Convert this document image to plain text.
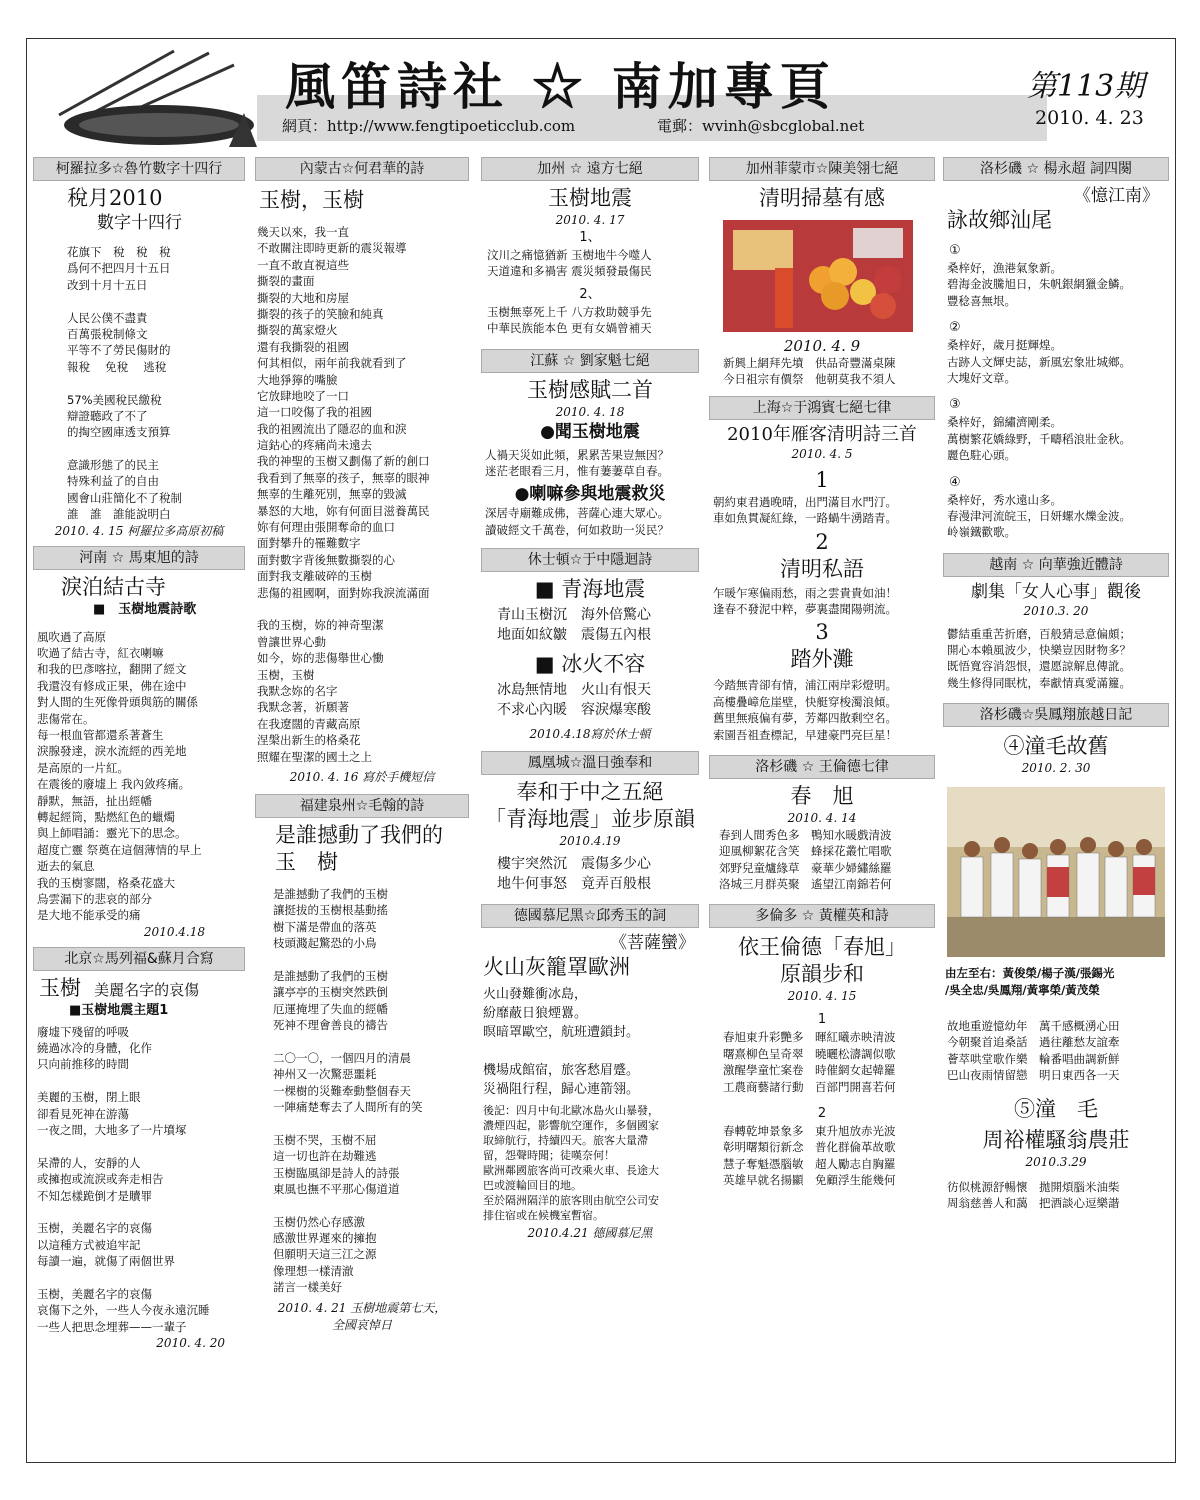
風笛詩社 ☆ 南加專頁
網頁：http://www.fengtipoeticclub.com	電郵：wvinh@sbcglobal.net
第113期
2010. 4. 23
柯羅拉多☆魯竹數字十四行
稅月2010
數字十四行
花旗下　稅　稅　稅
爲何不把四月十五日
改到十月十五日

人民公僕不盡責
百萬張稅制條文
平等不了勞民傷財的
報稅　 免稅　 逃稅

57%美國稅民繳稅
辯證聽政了不了
的掏空國庫透支預算

意識形態了的民主
特殊利益了的自由
國會山莊簡化不了稅制
誰　誰　誰能說明白
2010. 4. 15 柯羅拉多高原初稿
河南 ☆ 馬東旭的詩
淚泊結古寺
■　玉樹地震詩歌
風吹過了高原
吹過了結古寺，紅衣喇嘛
和我的巴彥喀拉，翻開了經文
我還沒有修成正果，佛在途中
對人間的生死像骨頭與筋的關係
悲傷常在。
每一根血管都還系著蒼生
淚腺發達，淚水流經的西羌地
是高原的一片紅。
在震後的廢墟上 我內敛疼痛。
靜默，無語，扯出經幡
轉起經筒，點燃紅色的蠟燭
與上師唱誦：靈光下的思念。
超度亡靈 祭奠在這個薄情的早上
逝去的氣息
我的玉樹寥闊，格桑花盛大
烏雲漏下的悲哀的部分
是大地不能承受的痛
2010.4.18
北京☆馬列福&蘇月合寫
玉樹 美麗名字的哀傷
■玉樹地震主題1
廢墟下殘留的呼吸
繞過冰冷的身體，化作
只向前推移的時間

美麗的玉樹，閉上眼
卻看見死神在游蕩
一夜之間，大地多了一片墳塚

呆滯的人，安靜的人
或擁抱或流淚或奔走相告
不知怎樣跪倒才是贖罪

玉樹，美麗名字的哀傷
以這種方式被追牢記
每讀一遍，就傷了兩個世界

玉樹，美麗名字的哀傷
哀傷下之外，一些人今夜永遠沉睡
一些人把思念埋葬——一輩子
2010. 4. 20
內蒙古☆何君華的詩
玉樹，玉樹
幾天以來，我一直
不敢關注即時更新的震災報導
一直不敢直視這些
撕裂的畫面
撕裂的大地和房屋
撕裂的孩子的笑臉和純真
撕裂的萬家燈火
還有我撕裂的祖國
何其相似，兩年前我就看到了
大地猙獰的嘴臉
它放肆地咬了一口
這一口咬傷了我的祖國
我的祖國流出了隱忍的血和淚
這鈷心的疼痛尚未遠去
我的神聖的玉樹又劃傷了新的創口
我看到了無辜的孩子，無辜的眼神
無辜的生離死別，無辜的毀滅
暴怒的大地，妳有何面目滋養萬民
妳有何理由張開奪命的血口
面對攀升的罹難數字
面對數字背後無數撕裂的心
面對我支離破碎的玉樹
悲傷的祖國啊，面對妳我淚流滿面

我的玉樹，妳的神奇聖潔
曾讓世界心動
如今，妳的悲傷舉世心慟
玉樹，玉樹
我默念妳的名字
我默念著，祈願著
在我遼闊的青藏高原
涅槃出新生的格桑花
照耀在聖潔的國土之上
2010. 4. 16 寫於手機短信
福建泉州☆毛翰的詩
是誰撼動了我們的
玉　樹
是誰撼動了我們的玉樹
讓挺拔的玉樹根基動搖
樹下滿是帶血的落英
枝頭濺起驚恐的小鳥

是誰撼動了我們的玉樹
讓亭亭的玉樹突然跌倒
厄運掩埋了失血的經幡
死神不理會善良的禱告

二〇一〇，一個四月的清晨
神州又一次驚惡噩耗
一棵樹的災難牽動整個春天
一陣痛楚奪去了人間所有的笑

玉樹不哭，玉樹不屈
這一切也許在劫難逃
玉樹臨風卻是詩人的詩張
東風也撫不平那心傷道道

玉樹仍然心存感激
感激世界遲來的擁抱
但願明天這三江之源
像理想一樣清澈
諾言一樣美好
2010. 4. 21 玉樹地震第七天，
全國哀悼日
加州 ☆ 遠方七絕
玉樹地震
2010. 4. 17
1、
汶川之痛憶猶新 玉樹地牛今噬人
天道違和多禍害 震災頻發最傷民
2、
玉樹無辜死上千 八方救助競爭先
中華民族能本色 更有女媧曾補天
江蘇 ☆ 劉家魁七絕
玉樹感賦二首
2010. 4. 18
●聞玉樹地震
人禍天災如此頻，累累苦果豈無因？
迷茫老眼看三月，惟有萋萋草自春。
●喇嘛參與地震救災
深居寺廟難成佛，菩薩心連大眾心。
讀破經文千萬卷，何如救助一災民？
休士頓☆于中隱迴詩
■ 青海地震
青山玉樹沉　海外倍驚心
地面如紋皺　震傷五內根
■ 冰火不容
冰島無情地　火山有恨天
不求心內暖　容淚爆寒酸
2010.4.18寫於休士頓
鳳凰城☆溫日強奉和
奉和于中之五絕
「青海地震」並步原韻
2010.4.19
樓宇突然沉　震傷多少心
地牛何事怒　竟弄百般根
德國慕尼黑☆邱秀玉的詞
《菩薩蠻》
火山灰籠罩歐洲
火山發難衝冰島，
紛靡蔽日狼煙囂。
暝暗罩歐空，航班遭鎖封。

機場成館宿，旅客愁眉蹙。
災禍阻行程，歸心連箭翎。
後記：四月中旬北歐冰島火山暴發，
濃煙四起，影響航空運作，多個國家
取締航行，持續四天。旅客大量滯
留，怨聲時聞；徒嘆奈何！
歐洲鄰國旅客尚可改乘火車、長途大
巴或渡輪回目的地。
至於隔洲隔洋的旅客則由航空公司安
排住宿或在候機室暫宿。
2010.4.21 德國慕尼黑
加州菲蒙市☆陳美翎七絕
清明掃墓有感
2010. 4. 9
新興上網拜先墳　供品奇豐滿桌陳
今日祖宗有價祭　他朝莫我不須人
上海☆于鴻賓七絕七律
2010年雁客清明詩三首
2010. 4. 5
1
朝約東君過晚晴，出門滿目水門汀。
車如魚貫凝紅綠，一路蝸牛湧踏青。
2
清明私語
乍暖乍寒偏雨愁，雨之雲貴貴如油！
逢春不發泥中粹，夢裏盡聞陽朔流。
3
踏外灘
今踏無青卻有情，浦江兩岸彩燈明。
高樓疊嶂危崖壁，快艇穿梭濁浪傾。
舊里無痕偏有夢，芳鄰四散剩空名。
索園吾祖查標記，早建豪門亮巨星！
洛杉磯 ☆ 王倫德七律
春　旭
2010. 4. 14
春到人間秀色多　鴨知水暖戲清波
迎風柳絮花含笑　蜂採花叢忙唱歌
郊野兒童爐緣草　豪華少婦繡絲羅
洛城三月群英聚　遙望江南錦若何
多倫多 ☆ 黃權英和詩
依王倫德「春旭」
原韻步和
2010. 4. 15
1
春旭東升彩艷多　暉紅曦赤映清波
曙熹柳色呈奇翠　曉曬松濤調似歌
激醒學童忙案卷　時催網女起韓羅
工農商藝諸行動　百部門開喜若何
2
春轉乾坤景象多　東升旭放赤光波
彰明曙類衍新念　普化群倫革故歌
慧子奪魁憑腦敏　超人勵志自胸羅
英雄早就名揚顯　免顧浮生能幾何
洛杉磯 ☆ 楊永超 詞四闋
《憶江南》
詠故鄉汕尾
①
桑梓好，漁港氣象新。
碧海金波騰旭日，朱帆銀網獵金鱗。
豐稔喜無垠。
②
桑梓好，歲月挺輝煌。
古跡人文輝史誌，新風宏象壯城鄉。
大塊好文章。
③
桑梓好，錦繡濟剛柔。
萬樹繁花嬌綠野，千疇稻浪壯金秋。
麗色駐心頭。
④
桑梓好，秀水遠山多。
春漫津河流皖玉，日妍螺水爍金波。
岭嶺鐵歡歌。
越南 ☆ 向華強近體詩
劇集「女人心事」觀後
2010.3. 20
鬱結重重苦折磨，百般猜忌意偏頗；
開心本賴風波少，快樂豈因財物多？
既悟寬容消怨恨，還愿諒解息傳訛。
幾生修得同眠枕，奉獻情真愛滿籮。
洛杉磯☆吳鳳翔旅越日記
④潼毛故舊
2010. 2. 30
由左至右：黃俊榮/楊子漢/張錫光
/吳全忠/吳鳳翔/黃寧榮/黃茂榮
故地重遊憶幼年　萬千感概湧心田
今朝聚首追桑話　過往離愁友誼牽
薈萃哄堂歌作樂　輪番唱曲調新鮮
巴山夜雨情留戀　明日東西各一天
⑤潼　毛
周裕權騷翁農莊
2010.3.29
彷似桃源舒暢懷　拋開煩腦米油柴
周翁慈善人和藹　把酒談心逗樂諧
